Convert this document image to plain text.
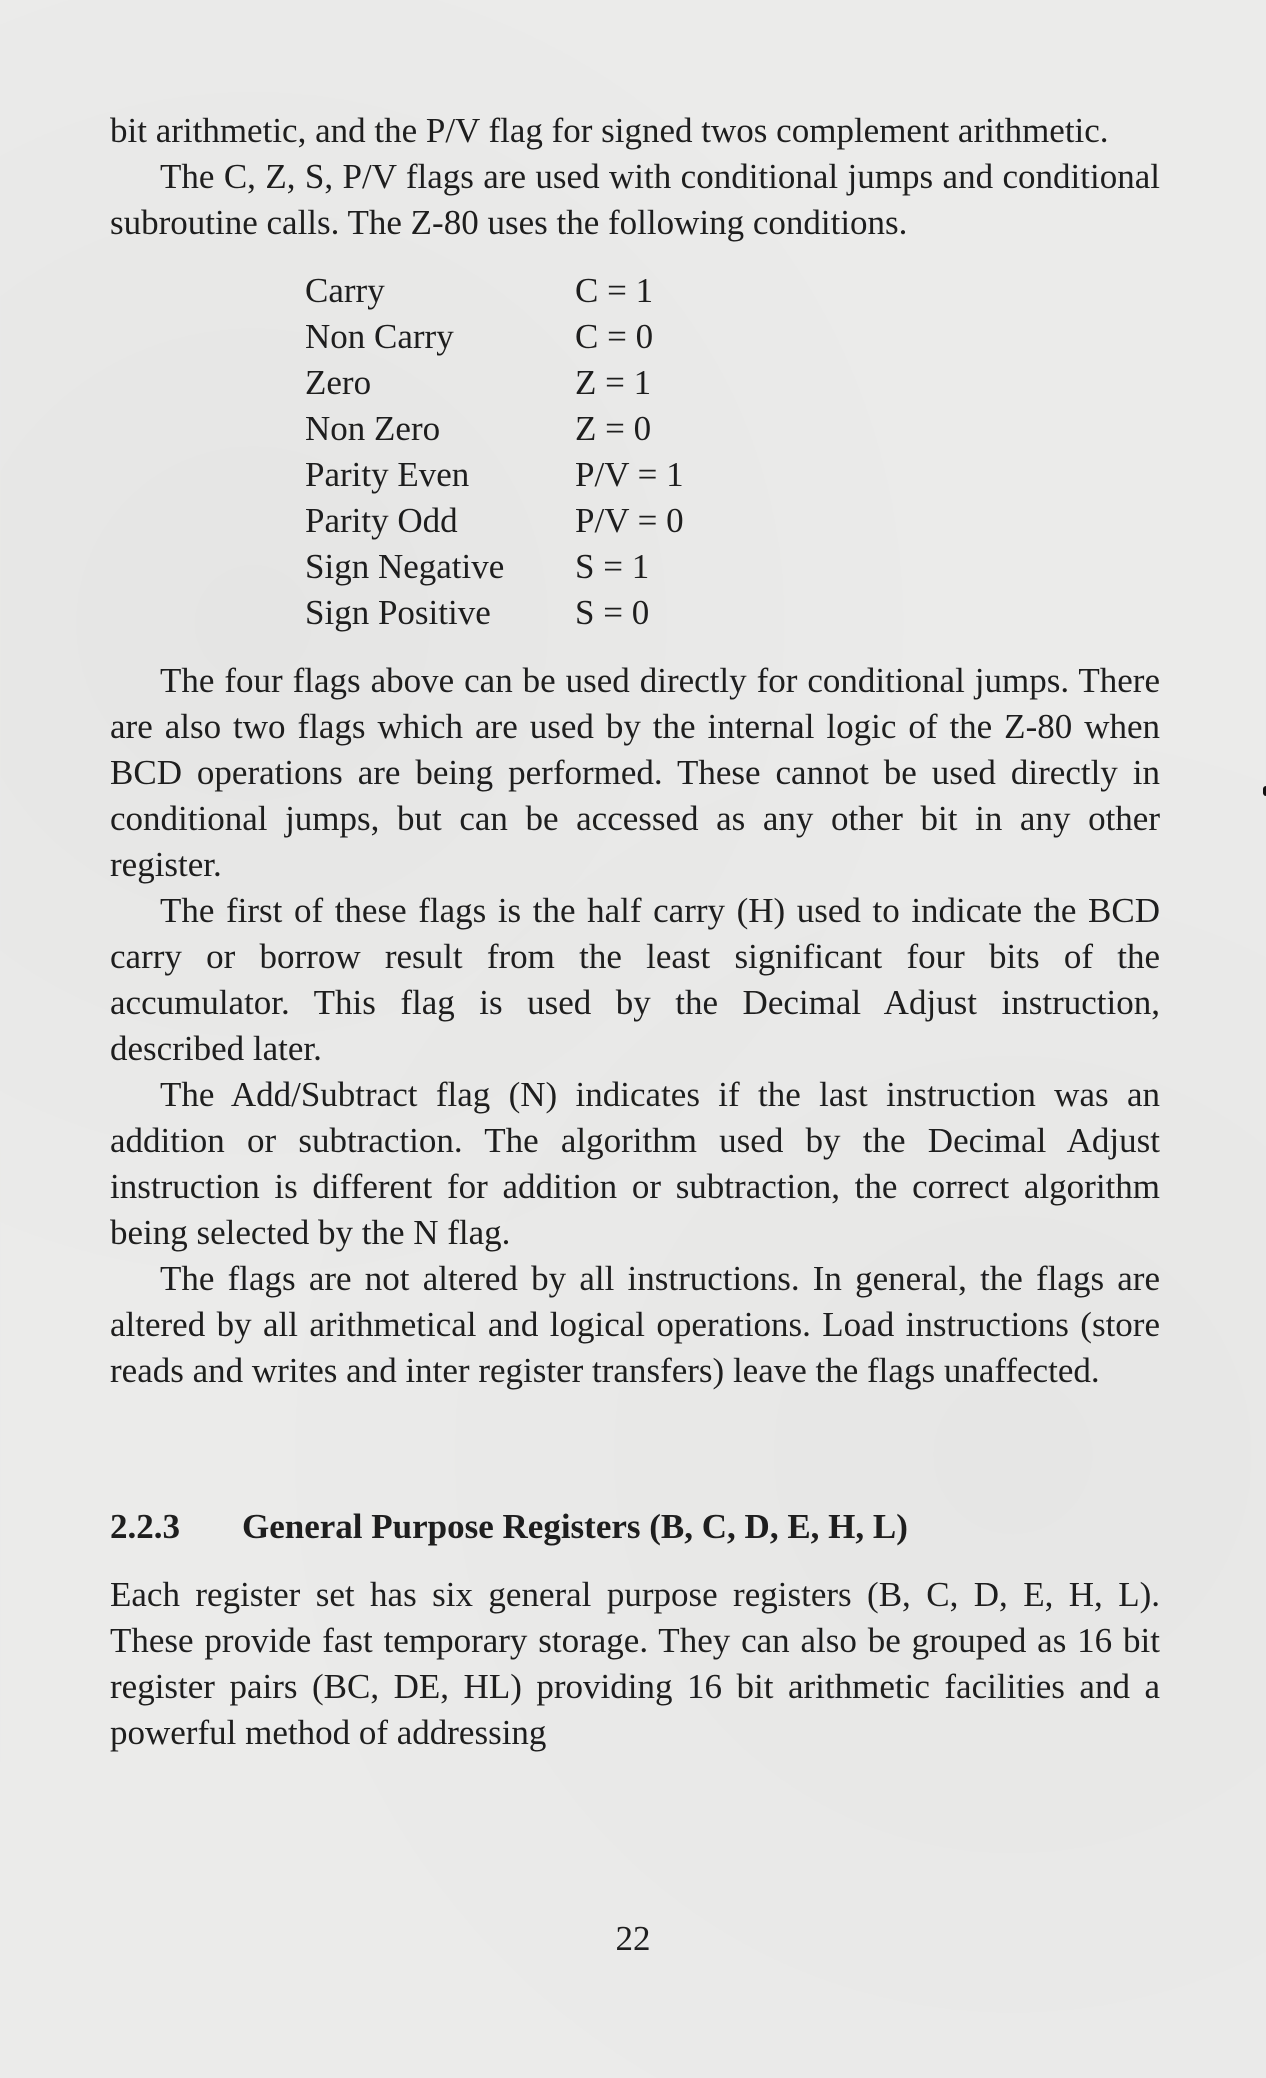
bit arithmetic, and the P/V flag for signed twos complement arithmetic.

The C, Z, S, P/V flags are used with conditional jumps and conditional subroutine calls. The Z-80 uses the following conditions.

Carry	C = 1
Non Carry	C = 0
Zero	Z = 1
Non Zero	Z = 0
Parity Even	P/V = 1
Parity Odd	P/V = 0
Sign Negative	S = 1
Sign Positive	S = 0

The four flags above can be used directly for conditional jumps. There are also two flags which are used by the internal logic of the Z-80 when BCD operations are being performed. These cannot be used directly in conditional jumps, but can be accessed as any other bit in any other register.

The first of these flags is the half carry (H) used to indicate the BCD carry or borrow result from the least significant four bits of the accumulator. This flag is used by the Decimal Adjust instruction, described later.

The Add/Subtract flag (N) indicates if the last instruction was an addition or subtraction. The algorithm used by the Decimal Adjust instruction is different for addition or subtraction, the correct algorithm being selected by the N flag.

The flags are not altered by all instructions. In general, the flags are altered by all arithmetical and logical operations. Load instructions (store reads and writes and inter register transfers) leave the flags unaffected.

2.2.3 General Purpose Registers (B, C, D, E, H, L)

Each register set has six general purpose registers (B, C, D, E, H, L). These provide fast temporary storage. They can also be grouped as 16 bit register pairs (BC, DE, HL) providing 16 bit arithmetic facilities and a powerful method of addressing

22
